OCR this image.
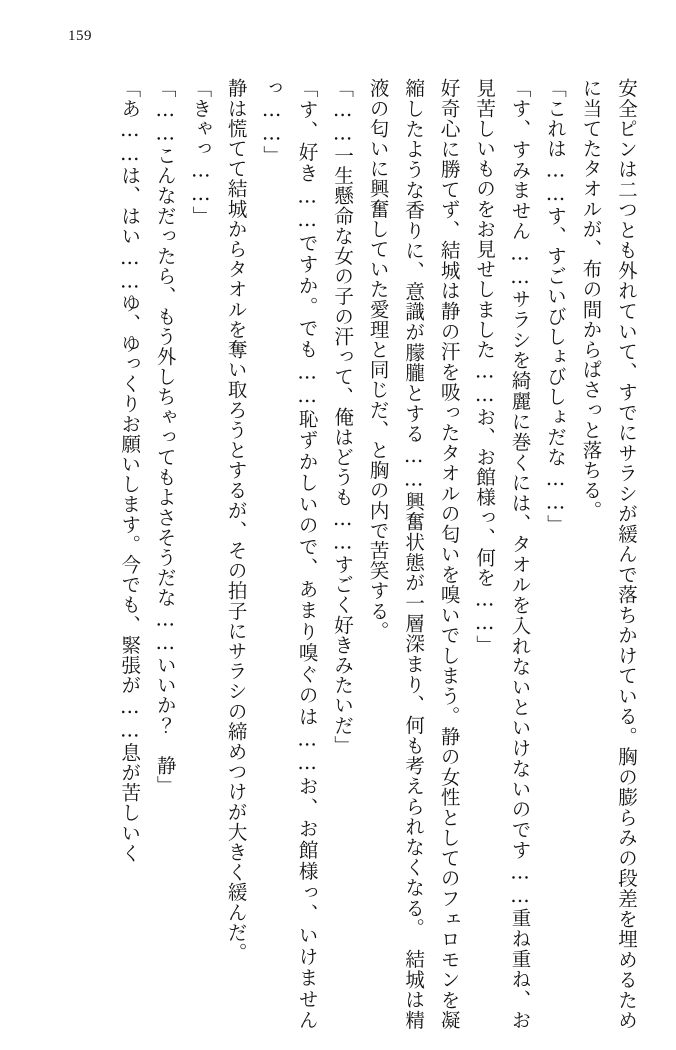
159

安全ピンは二つとも外れていて、すでにサラシが緩んで落ちかけている。胸の膨らみの段差を埋めるために当てたタオルが、布の間からぱさっと落ちる。

「これは……す、すごいびしょびしょだな……」

「す、すみません……サラシを綺麗に巻くには、タオルを入れないといけないのです……重ね重ね、お見苦しいものをお見せしました……お、お館様っ、何を……」

好奇心に勝てず、結城は静の汗を吸ったタオルの匂いを嗅いでしまう。静の女性としてのフェロモンを凝縮したような香りに、意識が朦朧とする……興奮状態が一層深まり、何も考えられなくなる。　結城は精液の匂いに興奮していた愛理と同じだ、と胸の内で苦笑する。

「……一生懸命な女の子の汗って、俺はどうも……すごく好きみたいだ」

「す、好き……ですか。でも……恥ずかしいので、あまり嗅ぐのは……お、お館様っ、いけませんっ……」

静は慌てて結城からタオルを奪い取ろうとするが、その拍子にサラシの締めつけが大きく緩んだ。

「きゃっ……」

「……こんなだったら、もう外しちゃってもよさそうだな……いいか？　静」

「あ……は、はい……ゆ、ゆっくりお願いします。今でも、緊張が……息が苦しいく
